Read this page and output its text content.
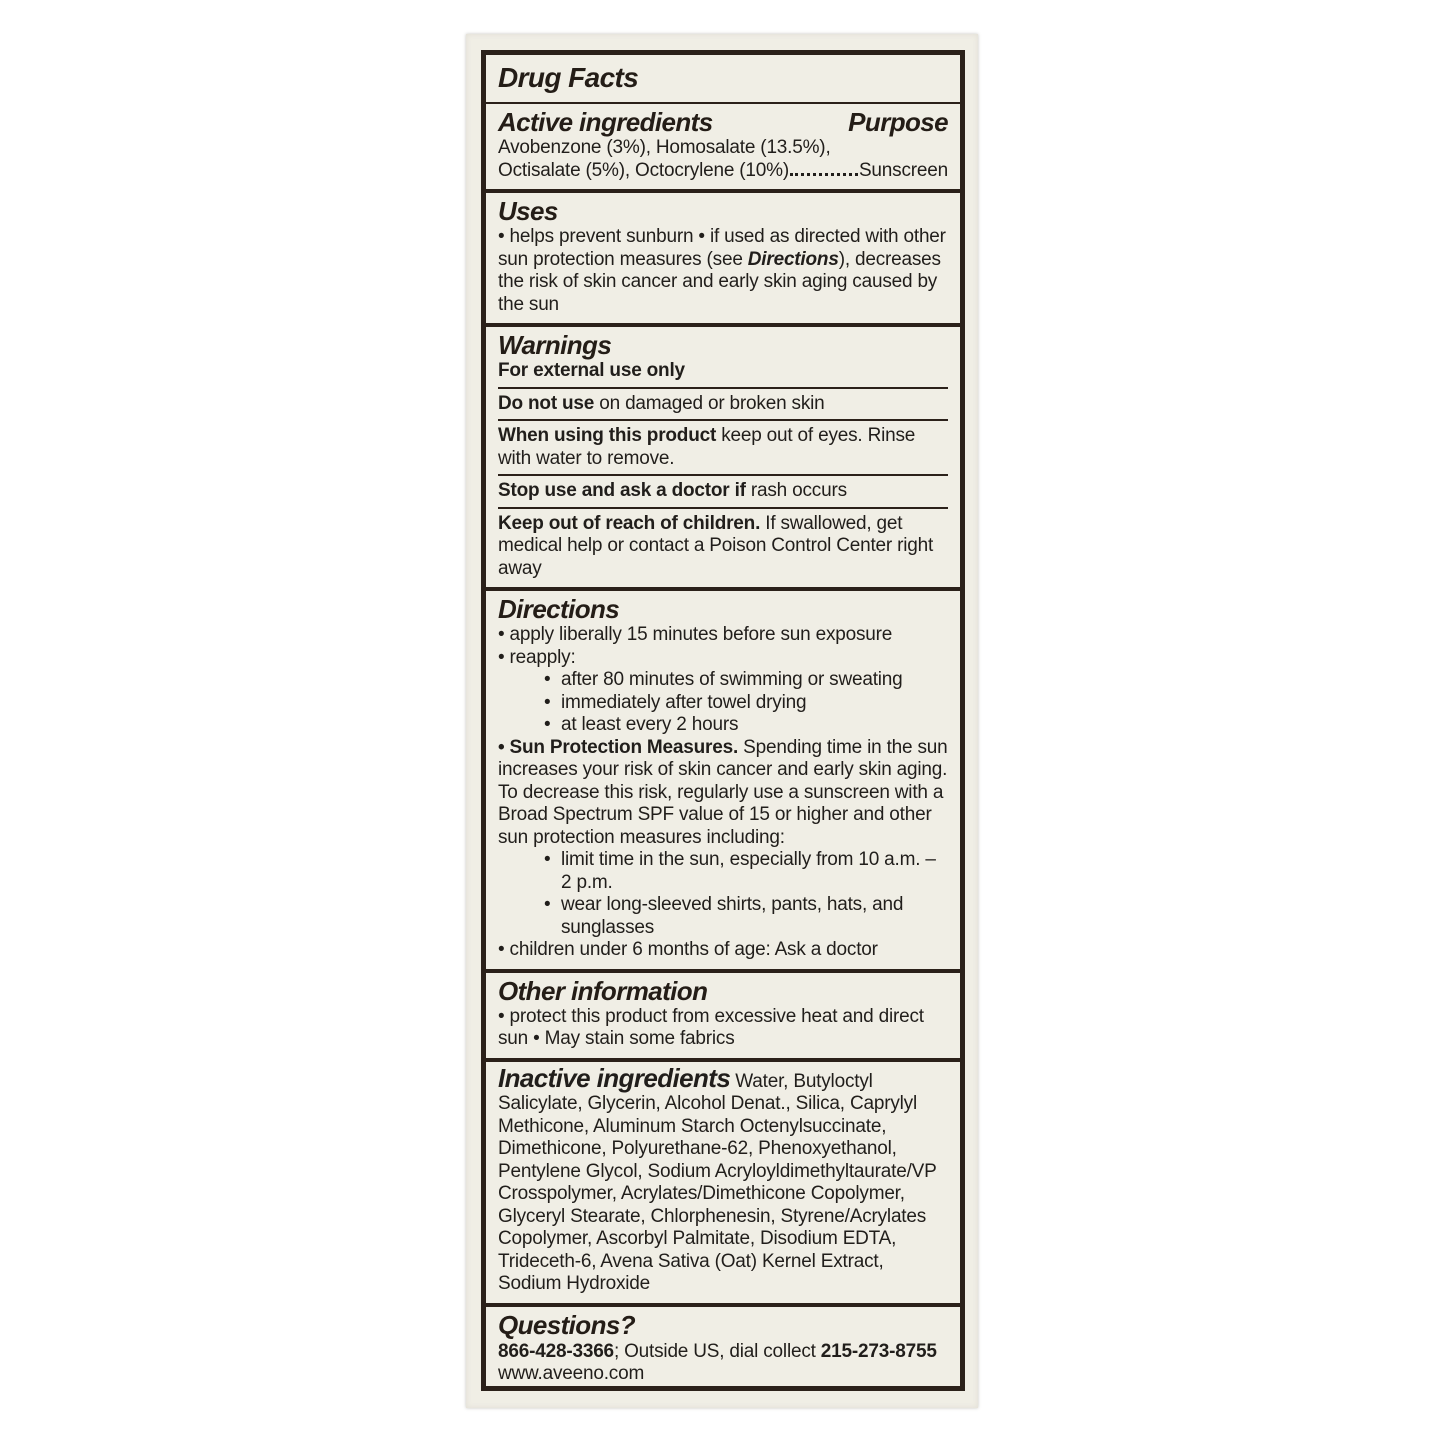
Drug Facts
Active ingredients	Purpose

Avobenzone (3%), Homosalate (13.5%),

Octisalate (5%), Octocrylene (10%)	Sunscreen
Uses

• helps prevent sunburn • if used as directed with other sun protection measures (see Directions), decreases the risk of skin cancer and early skin aging caused by the sun

Warnings

For external use only

Do not use on damaged or broken skin

When using this product keep out of eyes. Rinse with water to remove.

Stop use and ask a doctor if rash occurs

Keep out of reach of children. If swallowed, get medical help or contact a Poison Control Center right away

Directions

• apply liberally 15 minutes before sun exposure

• reapply:

• after 80 minutes of swimming or sweating
• immediately after towel drying
• at least every 2 hours

• Sun Protection Measures. Spending time in the sun increases your risk of skin cancer and early skin aging. To decrease this risk, regularly use a sunscreen with a Broad Spectrum SPF value of 15 or higher and other sun protection measures including:

• limit time in the sun, especially from 10 a.m. – 2 p.m.
• wear long-sleeved shirts, pants, hats, and sunglasses

• children under 6 months of age: Ask a doctor

Other information

• protect this product from excessive heat and direct sun • May stain some fabrics

Inactive ingredients Water, Butyloctyl Salicylate, Glycerin, Alcohol Denat., Silica, Caprylyl Methicone, Aluminum Starch Octenylsuccinate, Dimethicone, Polyurethane-62, Phenoxyethanol, Pentylene Glycol, Sodium Acryloyldimethyltaurate/VP Crosspolymer, Acrylates/Dimethicone Copolymer, Glyceryl Stearate, Chlorphenesin, Styrene/Acrylates Copolymer, Ascorbyl Palmitate, Disodium EDTA, Trideceth-6, Avena Sativa (Oat) Kernel Extract, Sodium Hydroxide

Questions?

866-428-3366; Outside US, dial collect 215-273-8755

www.aveeno.com
